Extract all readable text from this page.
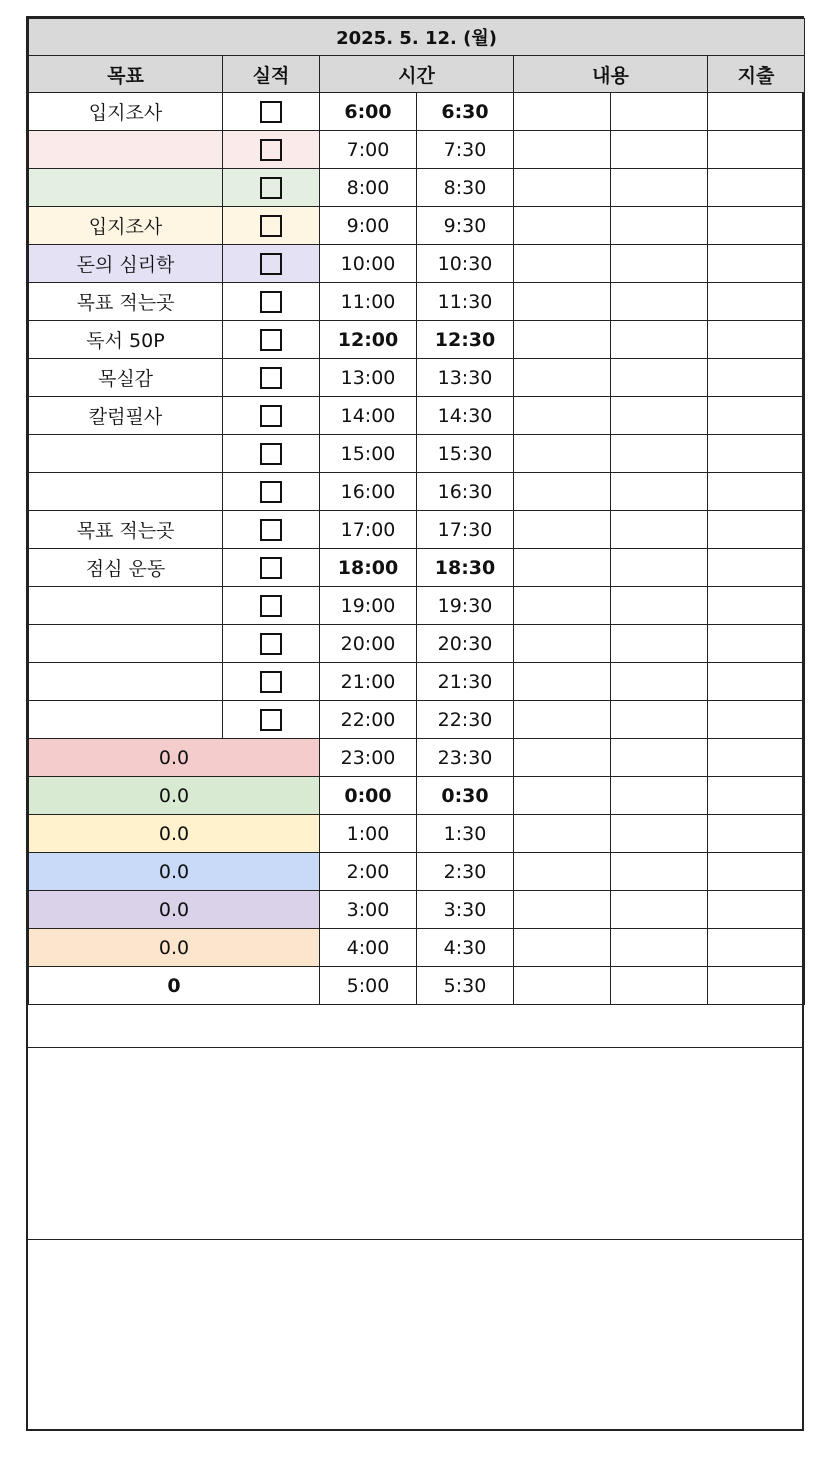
2025. 5. 12. (월)						
목표	실적	시간		내용		지출
입지조사		6:00	6:30			
		7:00	7:30			
		8:00	8:30			
입지조사		9:00	9:30			
돈의 심리학		10:00	10:30			
목표 적는곳		11:00	11:30			
독서 50P		12:00	12:30			
목실감		13:00	13:30			
칼럼필사		14:00	14:30			
		15:00	15:30			
		16:00	16:30			
목표 적는곳		17:00	17:30			
점심 운동		18:00	18:30			
		19:00	19:30			
		20:00	20:30			
		21:00	21:30			
		22:00	22:30			
0.0		23:00	23:30			
0.0		0:00	0:30			
0.0		1:00	1:30			
0.0		2:00	2:30			
0.0		3:00	3:30			
0.0		4:00	4:30			
0		5:00	5:30			
